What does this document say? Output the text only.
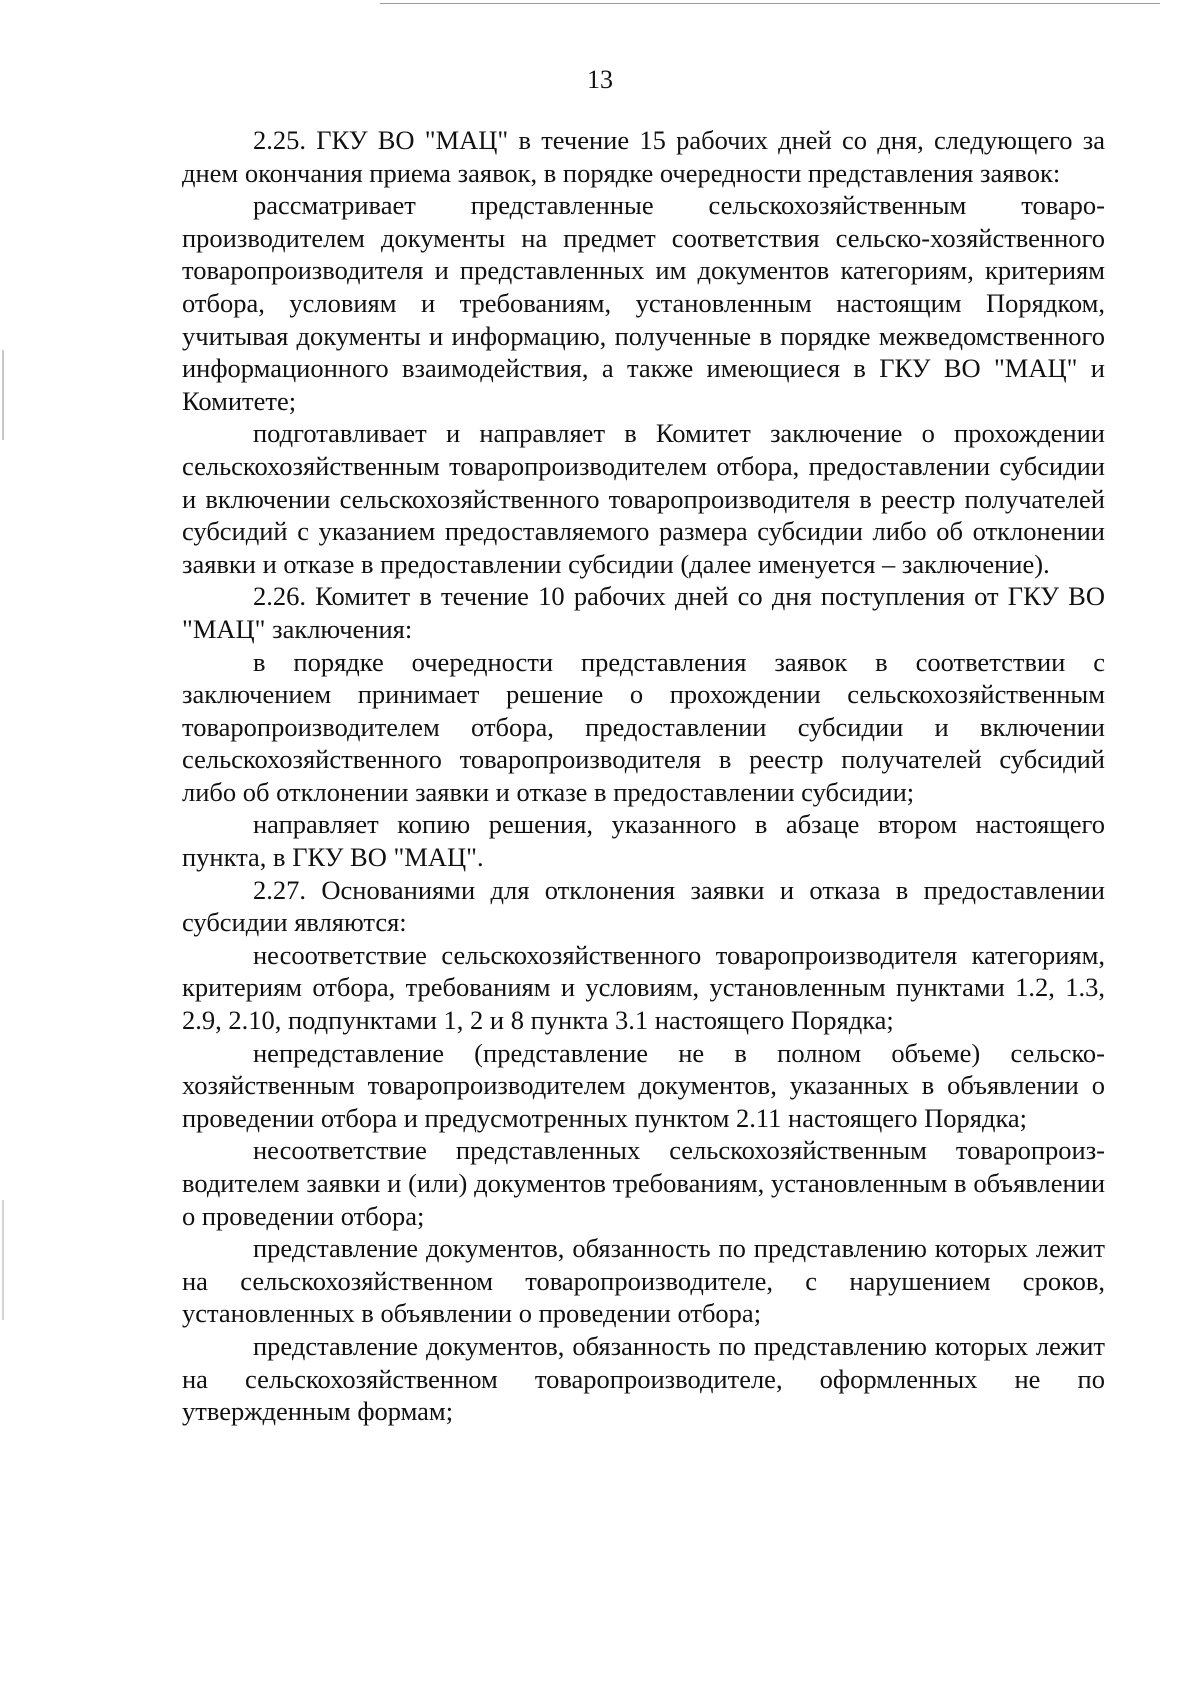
13

2.25. ГКУ ВО "МАЦ" в течение 15 рабочих дней со дня, следующего за днем окончания приема заявок, в порядке очередности представления заявок:

рассматривает представленные сельскохозяйственным товаро-производителем документы на предмет соответствия сельско-хозяйственного товаропроизводителя и представленных им документов категориям, критериям отбора, условиям и требованиям, установленным настоящим Порядком, учитывая документы и информацию, полученные в порядке межведомственного информационного взаимодействия, а также имеющиеся в ГКУ ВО "МАЦ" и Комитете;

подготавливает и направляет в Комитет заключение о прохождении сельскохозяйственным товаропроизводителем отбора, предоставлении субсидии и включении сельскохозяйственного товаропроизводителя в реестр получателей субсидий с указанием предоставляемого размера субсидии либо об отклонении заявки и отказе в предоставлении субсидии (далее именуется – заключение).

2.26. Комитет в течение 10 рабочих дней со дня поступления от ГКУ ВО "МАЦ" заключения:

в порядке очередности представления заявок в соответствии с заключением принимает решение о прохождении сельскохозяйственным товаропроизводителем отбора, предоставлении субсидии и включении сельскохозяйственного товаропроизводителя в реестр получателей субсидий либо об отклонении заявки и отказе в предоставлении субсидии;

направляет копию решения, указанного в абзаце втором настоящего пункта, в ГКУ ВО "МАЦ".

2.27. Основаниями для отклонения заявки и отказа в предоставлении субсидии являются:

несоответствие сельскохозяйственного товаропроизводителя категориям, критериям отбора, требованиям и условиям, установленным пунктами 1.2, 1.3, 2.9, 2.10, подпунктами 1, 2 и 8 пункта 3.1 настоящего Порядка;

непредставление (представление не в полном объеме) сельско-хозяйственным товаропроизводителем документов, указанных в объявлении о проведении отбора и предусмотренных пунктом 2.11 настоящего Порядка;

несоответствие представленных сельскохозяйственным товаропроиз-водителем заявки и (или) документов требованиям, установленным в объявлении о проведении отбора;

представление документов, обязанность по представлению которых лежит на сельскохозяйственном товаропроизводителе, с нарушением сроков, установленных в объявлении о проведении отбора;

представление документов, обязанность по представлению которых лежит на сельскохозяйственном товаропроизводителе, оформленных не по утвержденным формам;
